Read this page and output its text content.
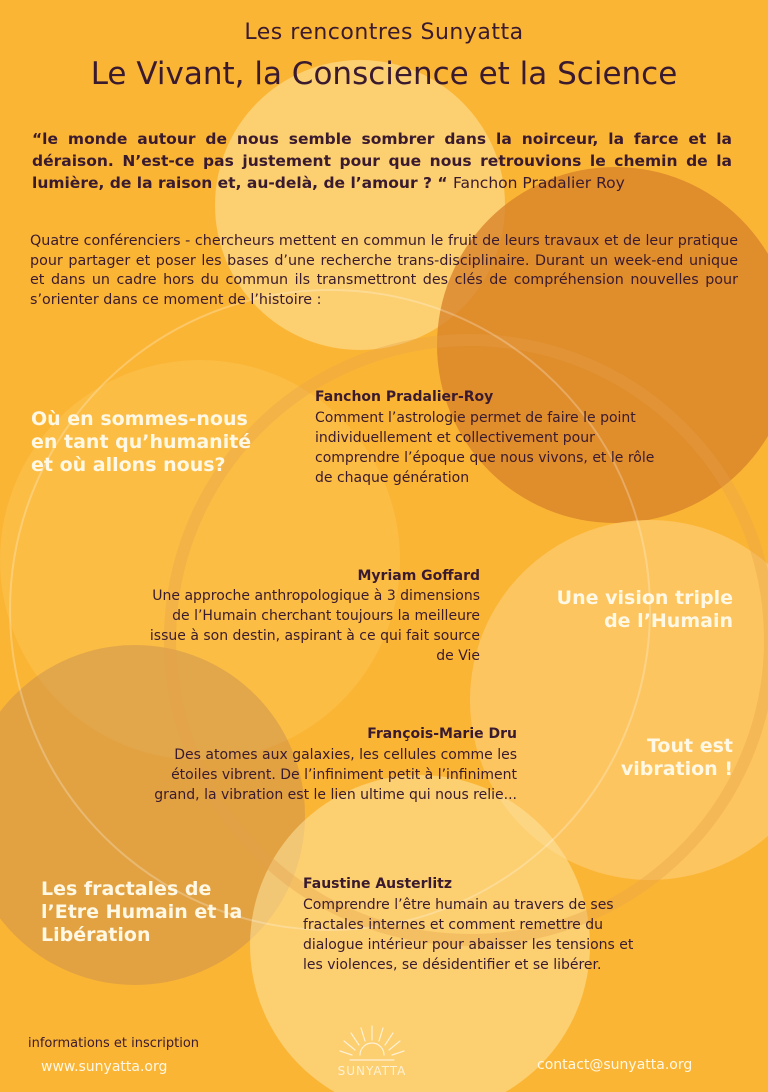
Les rencontres Sunyatta
Le Vivant, la Conscience et la Science
“le monde autour de nous semble sombrer dans la noirceur, la farce et la déraison. N’est-ce pas justement pour que nous retrouvions le chemin de la lumière, de la raison et, au-delà, de l’amour ? “ Fanchon Pradalier Roy
Quatre conférenciers - chercheurs mettent en commun le fruit de leurs travaux et de leur pratique pour partager et poser les bases d’une recherche trans-disciplinaire. Durant un week-end unique et dans un cadre hors du commun ils transmettront des clés de compréhension nouvelles pour s’orienter dans ce moment de l’histoire :
Où en sommes-nous
en tant qu’humanité
et où allons nous?
Fanchon Pradalier-Roy
Comment l’astrologie permet de faire le point
individuellement et collectivement pour
comprendre l’époque que nous vivons, et le rôle
de chaque génération
Myriam Goffard
Une approche anthropologique à 3 dimensions
de l’Humain cherchant toujours la meilleure
issue à son destin, aspirant à ce qui fait source
de Vie
Une vision triple
de l’Humain
François-Marie Dru
Des atomes aux galaxies, les cellules comme les
étoiles vibrent. De l’infiniment petit à l’infiniment
grand, la vibration est le lien ultime qui nous relie...
Tout est
vibration !
Les fractales de
l’Etre Humain et la
Libération
Faustine Austerlitz
Comprendre l’être humain au travers de ses
fractales internes et comment remettre du
dialogue intérieur pour abaisser les tensions et
les violences, se désidentifier et se libérer.
informations et inscription
www.sunyatta.org	SUNYATTA	contact@sunyatta.org
